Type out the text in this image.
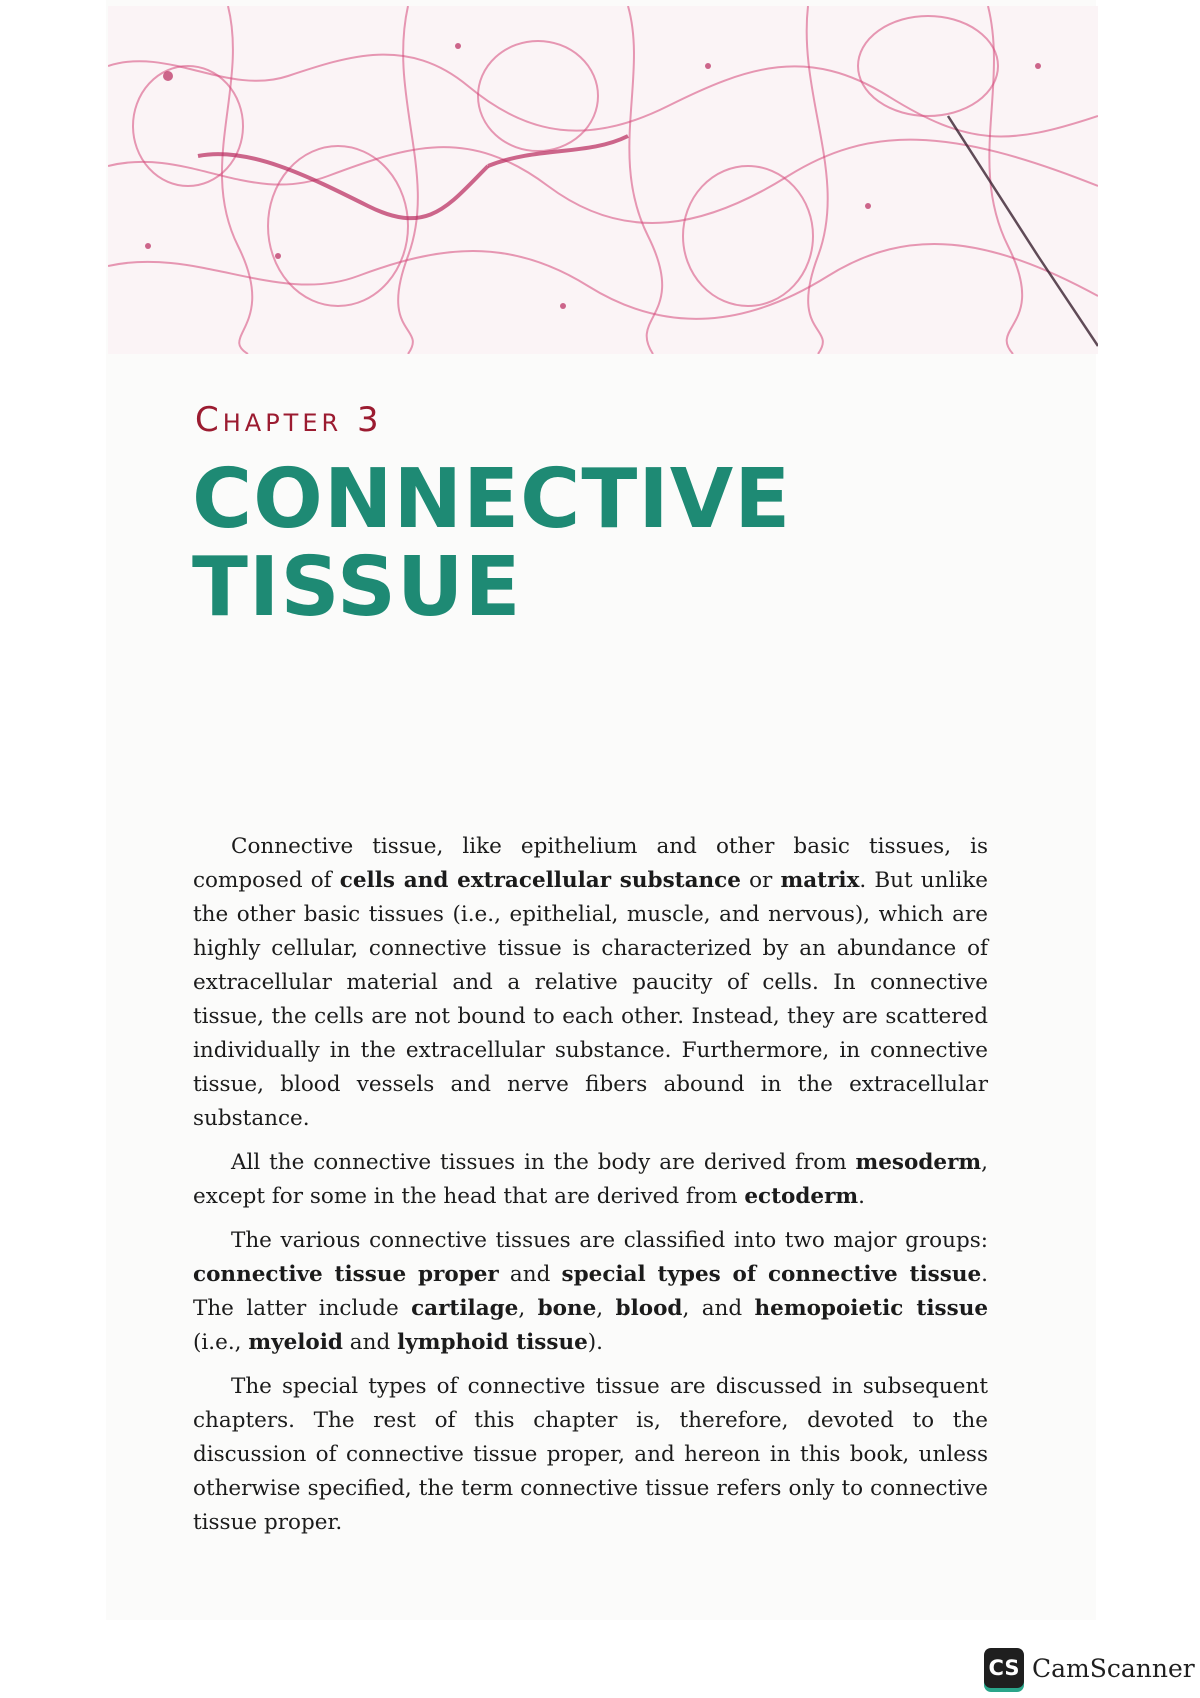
Chapter 3
CONNECTIVE
TISSUE

Connective tissue, like epithelium and other basic tissues, is composed of cells and extracellular substance or matrix. But unlike the other basic tissues (i.e., epithelial, muscle, and nervous), which are highly cellular, connective tissue is characterized by an abundance of extracellular material and a relative paucity of cells. In connective tissue, the cells are not bound to each other. Instead, they are scattered individually in the extracellular substance. Furthermore, in connective tissue, blood vessels and nerve fibers abound in the extracellular substance.

All the connective tissues in the body are derived from mesoderm, except for some in the head that are derived from ectoderm.

The various connective tissues are classified into two major groups: connective tissue proper and special types of connective tissue. The latter include cartilage, bone, blood, and hemopoietic tissue (i.e., myeloid and lymphoid tissue).

The special types of connective tissue are discussed in subsequent chapters. The rest of this chapter is, therefore, devoted to the discussion of connective tissue proper, and hereon in this book, unless otherwise specified, the term connective tissue refers only to connective tissue proper.

CS CamScanner
